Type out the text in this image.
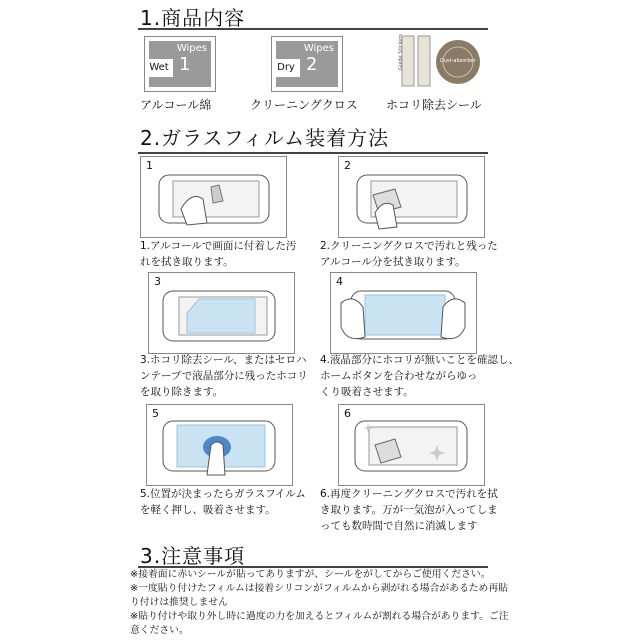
1.商品内容
Wipes
Wet 1
Wipes
Dry 2	Guide Stickers	Dust-absorber
アルコール綿	クリーニングクロス ホコリ除去シール
2.ガラスフィルム装着方法
1	2
1.アルコールで画面に付着した汚
れを拭き取ります。
2.クリーニングクロスで汚れと残った
アルコール分を拭き取ります。
3	4
3.ホコリ除去シール、またはセロハ
ンテープで液晶部分に残ったホコリ
を取り除きます。
4.液晶部分にホコリが無いことを確認し、
ホームボタンを合わせながらゆっ
くり吸着させます。
5	6
5.位置が決まったらガラスフイルム
を軽く押し、吸着させます。
6.再度クリーニングクロスで汚れを拭
き取ります。万が一気泡が入ってしま
っても数時間で自然に消滅します
3.注意事項
※接着面に赤いシールが貼ってありますが、シールをがしてからご使用ください。
※一度貼り付けたフィルムは接着シリコンがフィルムから剥がれる場合があるため再貼
り付けは推奨しません
※貼り付けや取り外し時に過度の力を加えるとフィルムが割れる場合があります。ご注
意ください。
